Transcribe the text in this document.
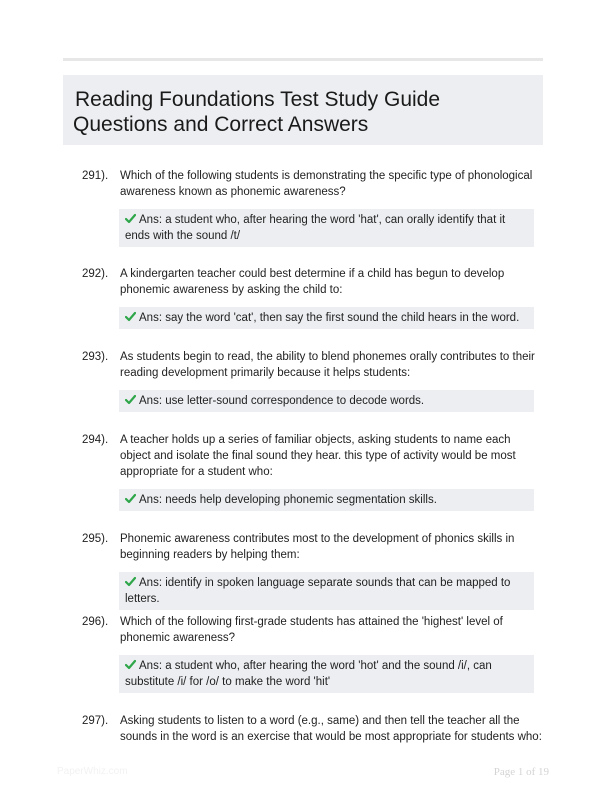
Reading Foundations Test Study Guide
Questions and Correct Answers
291). Which of the following students is demonstrating the specific type of phonological awareness known as phonemic awareness?
Ans: a student who, after hearing the word 'hat', can orally identify that it ends with the sound /t/
292). A kindergarten teacher could best determine if a child has begun to develop phonemic awareness by asking the child to:
Ans: say the word 'cat', then say the first sound the child hears in the word.
293). As students begin to read, the ability to blend phonemes orally contributes to their reading development primarily because it helps students:
Ans: use letter-sound correspondence to decode words.
294). A teacher holds up a series of familiar objects, asking students to name each object and isolate the final sound they hear. this type of activity would be most appropriate for a student who:
Ans: needs help developing phonemic segmentation skills.
295). Phonemic awareness contributes most to the development of phonics skills in beginning readers by helping them:
Ans: identify in spoken language separate sounds that can be mapped to letters.
296). Which of the following first-grade students has attained the 'highest' level of phonemic awareness?
Ans: a student who, after hearing the word 'hot' and the sound /i/, can substitute /i/ for /o/ to make the word 'hit'
297). Asking students to listen to a word (e.g., same) and then tell the teacher all the sounds in the word is an exercise that would be most appropriate for students who:
PaperWhiz.com	Page 1 of 19
